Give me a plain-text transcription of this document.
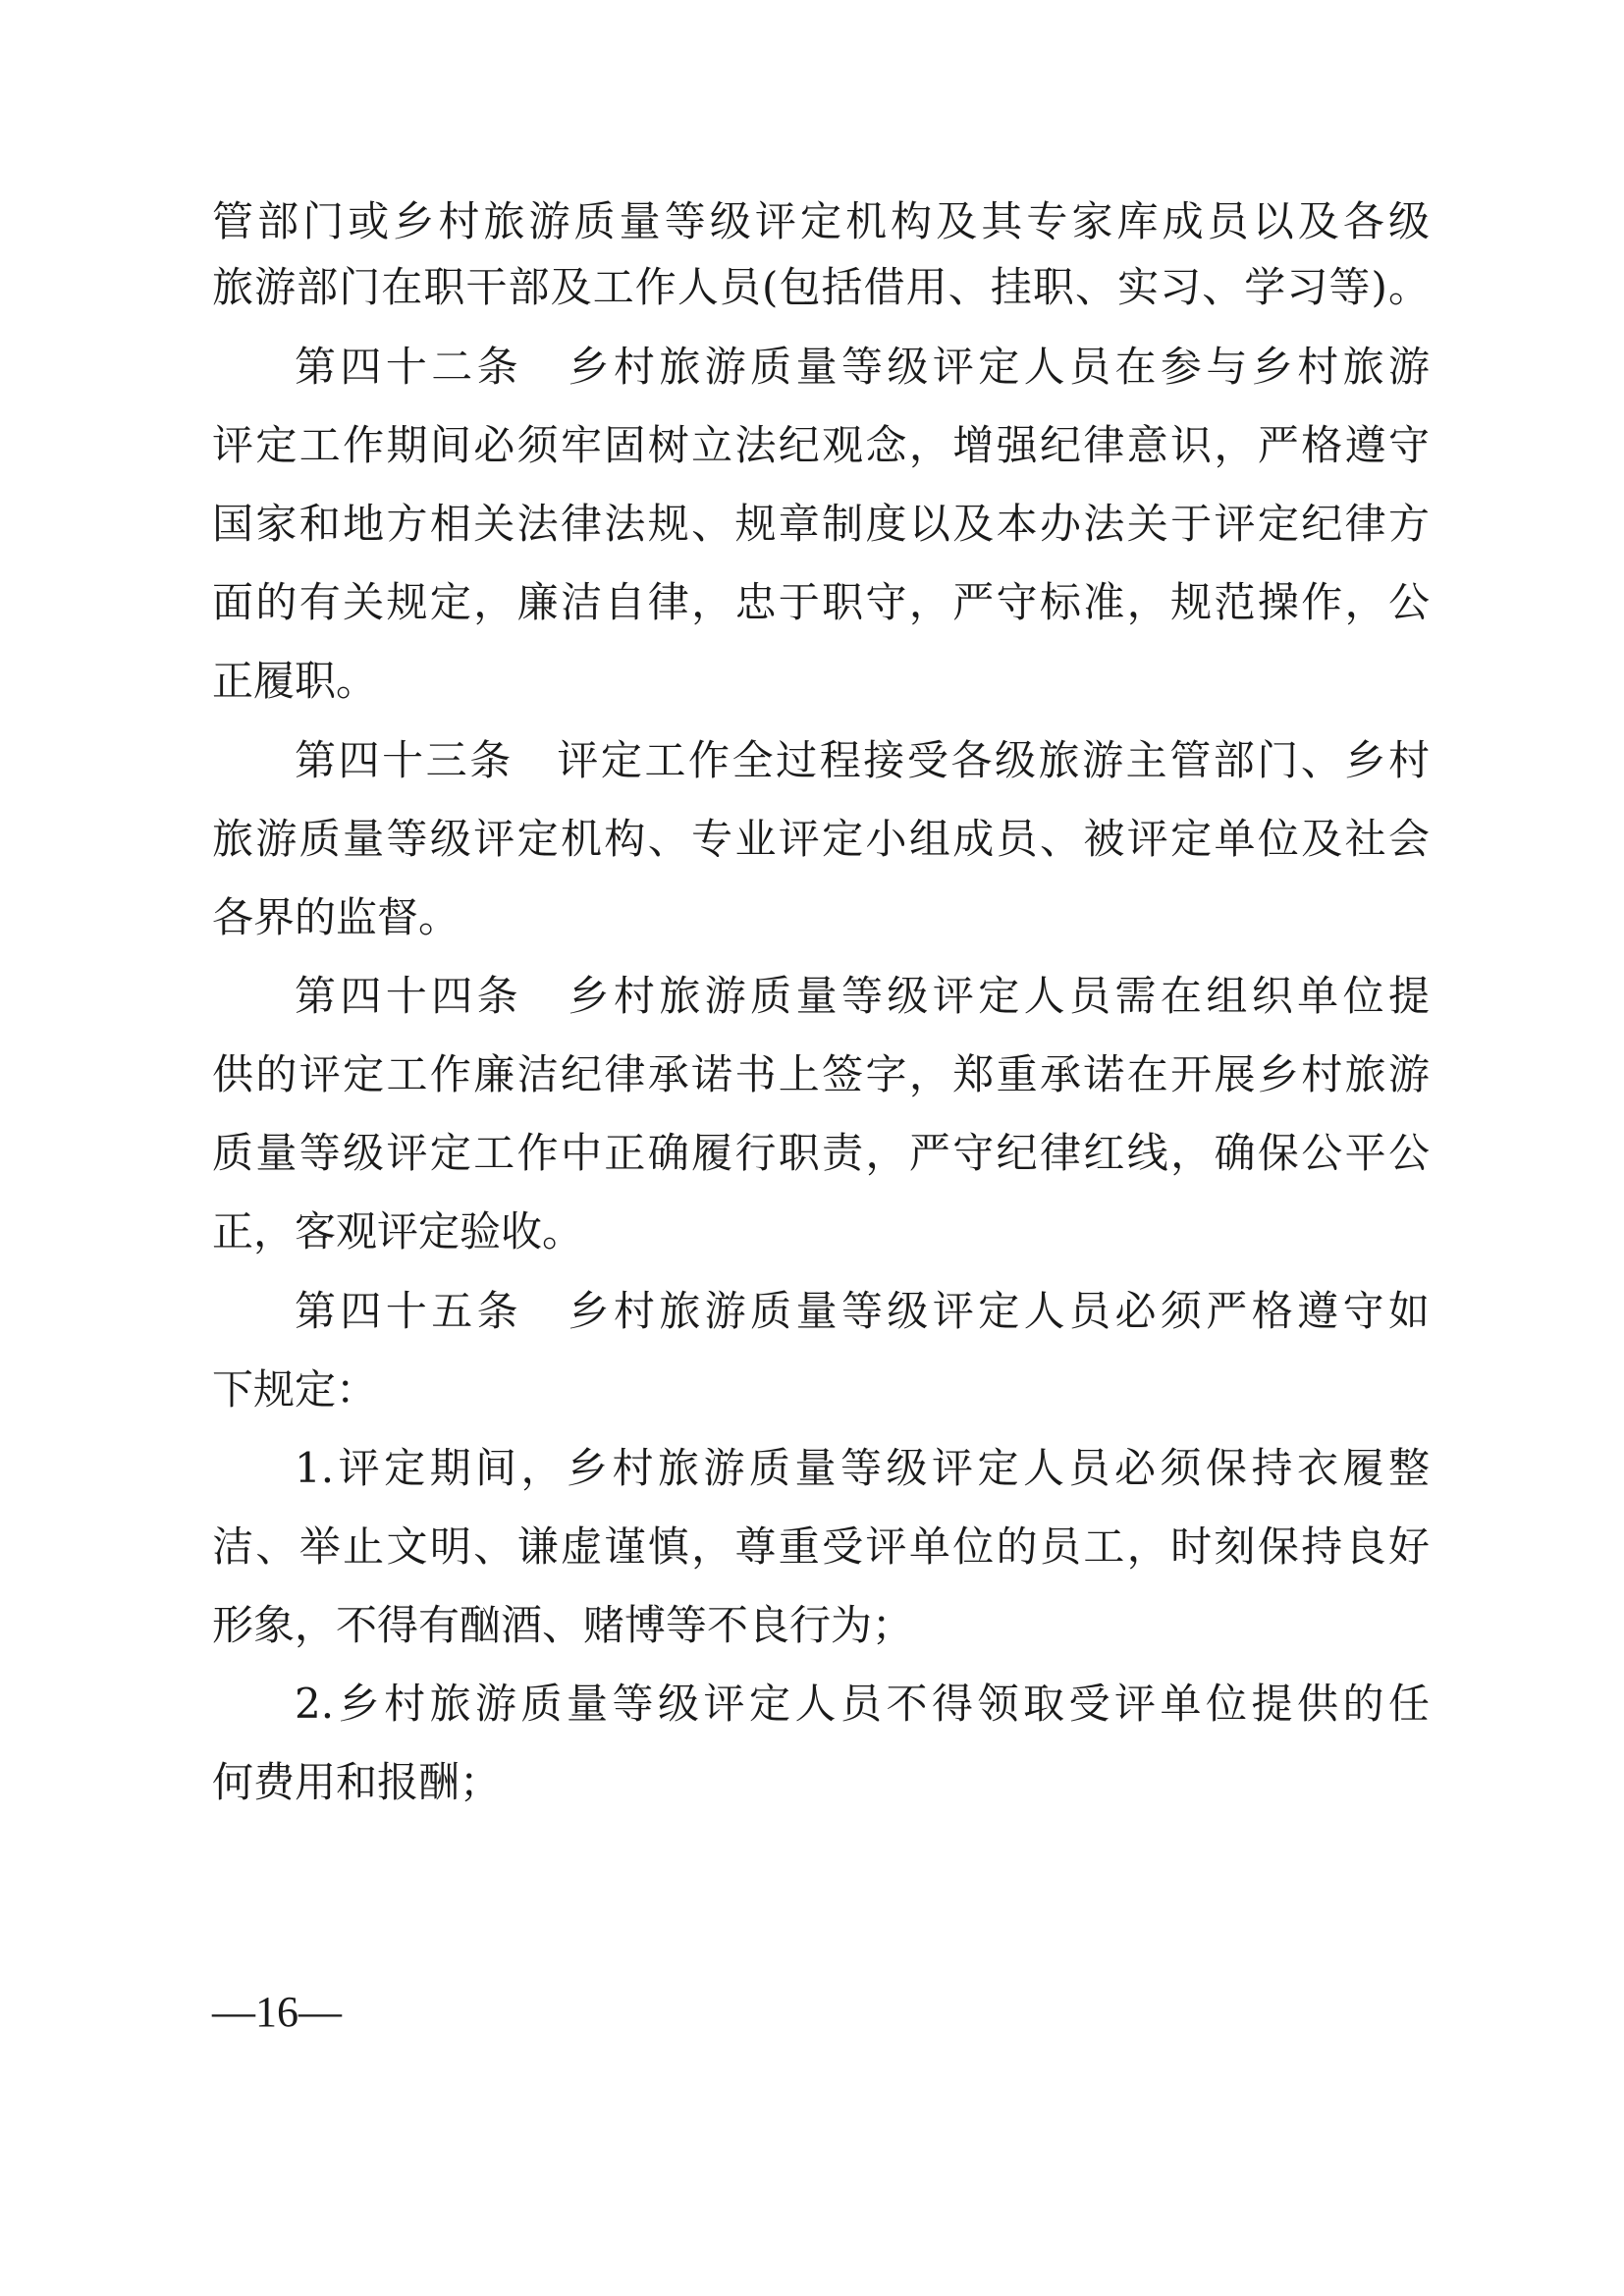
管部门或乡村旅游质量等级评定机构及其专家库成员以及各级
旅游部门在职干部及工作人员(包括借用、挂职、实习、学习等)。
第四十二条　乡村旅游质量等级评定人员在参与乡村旅游
评定工作期间必须牢固树立法纪观念，增强纪律意识，严格遵守
国家和地方相关法律法规、规章制度以及本办法关于评定纪律方
面的有关规定，廉洁自律，忠于职守，严守标准，规范操作，公
正履职。
第四十三条　评定工作全过程接受各级旅游主管部门、乡村
旅游质量等级评定机构、专业评定小组成员、被评定单位及社会
各界的监督。
第四十四条　乡村旅游质量等级评定人员需在组织单位提
供的评定工作廉洁纪律承诺书上签字，郑重承诺在开展乡村旅游
质量等级评定工作中正确履行职责，严守纪律红线，确保公平公
正，客观评定验收。
第四十五条　乡村旅游质量等级评定人员必须严格遵守如
下规定：
1.评定期间，乡村旅游质量等级评定人员必须保持衣履整
洁、举止文明、谦虚谨慎，尊重受评单位的员工，时刻保持良好
形象，不得有酗酒、赌博等不良行为；
2.乡村旅游质量等级评定人员不得领取受评单位提供的任
何费用和报酬；
—16—
